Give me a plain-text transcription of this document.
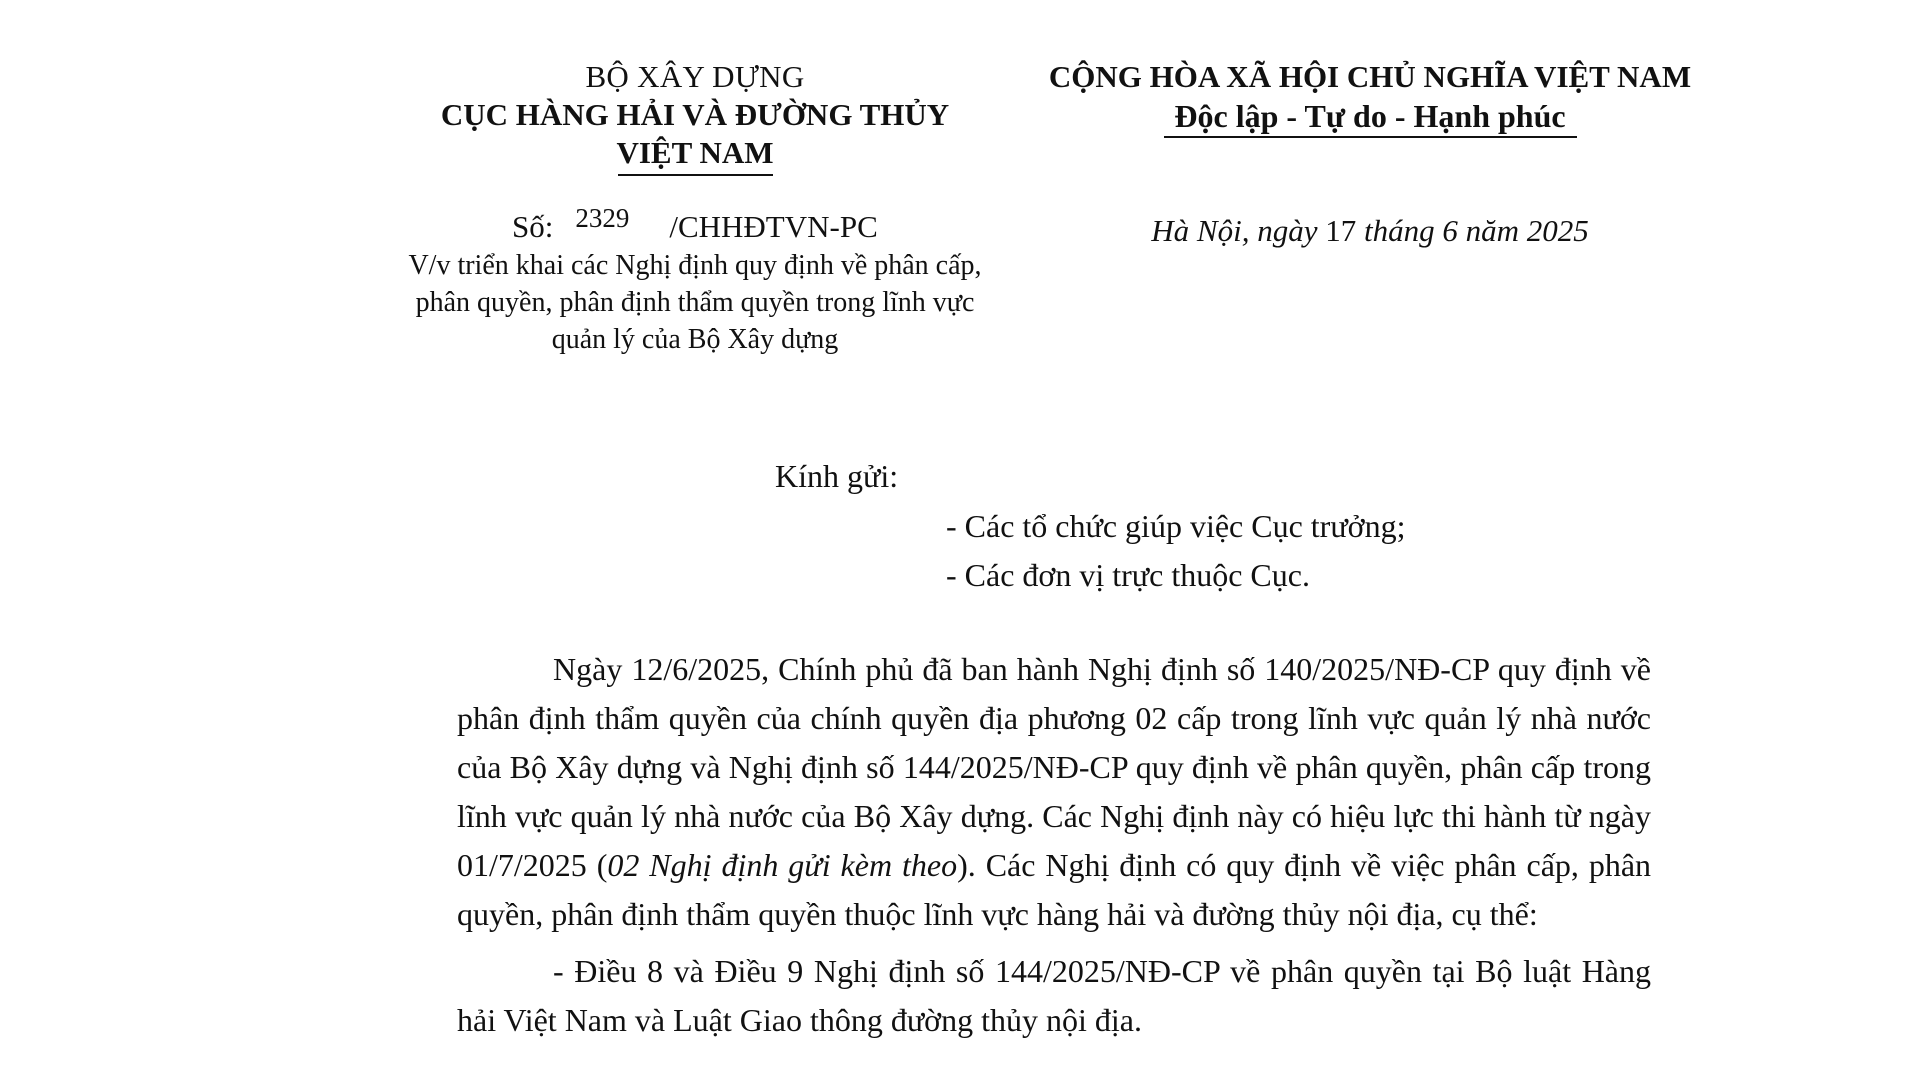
BỘ XÂY DỰNG
CỤC HÀNG HẢI VÀ ĐƯỜNG THỦY
VIỆT NAM
CỘNG HÒA XÃ HỘI CHỦ NGHĨA VIỆT NAM
Độc lập - Tự do - Hạnh phúc
Số: 2329 /CHHĐTVN-PC
V/v triển khai các Nghị định quy định về phân cấp, phân quyền, phân định thẩm quyền trong lĩnh vực quản lý của Bộ Xây dựng
Hà Nội, ngày 17 tháng 6 năm 2025
Kính gửi:
- Các tổ chức giúp việc Cục trưởng;
- Các đơn vị trực thuộc Cục.

Ngày 12/6/2025, Chính phủ đã ban hành Nghị định số 140/2025/NĐ-CP quy định về phân định thẩm quyền của chính quyền địa phương 02 cấp trong lĩnh vực quản lý nhà nước của Bộ Xây dựng và Nghị định số 144/2025/NĐ-CP quy định về phân quyền, phân cấp trong lĩnh vực quản lý nhà nước của Bộ Xây dựng. Các Nghị định này có hiệu lực thi hành từ ngày 01/7/2025 (02 Nghị định gửi kèm theo). Các Nghị định có quy định về việc phân cấp, phân quyền, phân định thẩm quyền thuộc lĩnh vực hàng hải và đường thủy nội địa, cụ thể:

- Điều 8 và Điều 9 Nghị định số 144/2025/NĐ-CP về phân quyền tại Bộ luật Hàng hải Việt Nam và Luật Giao thông đường thủy nội địa.
